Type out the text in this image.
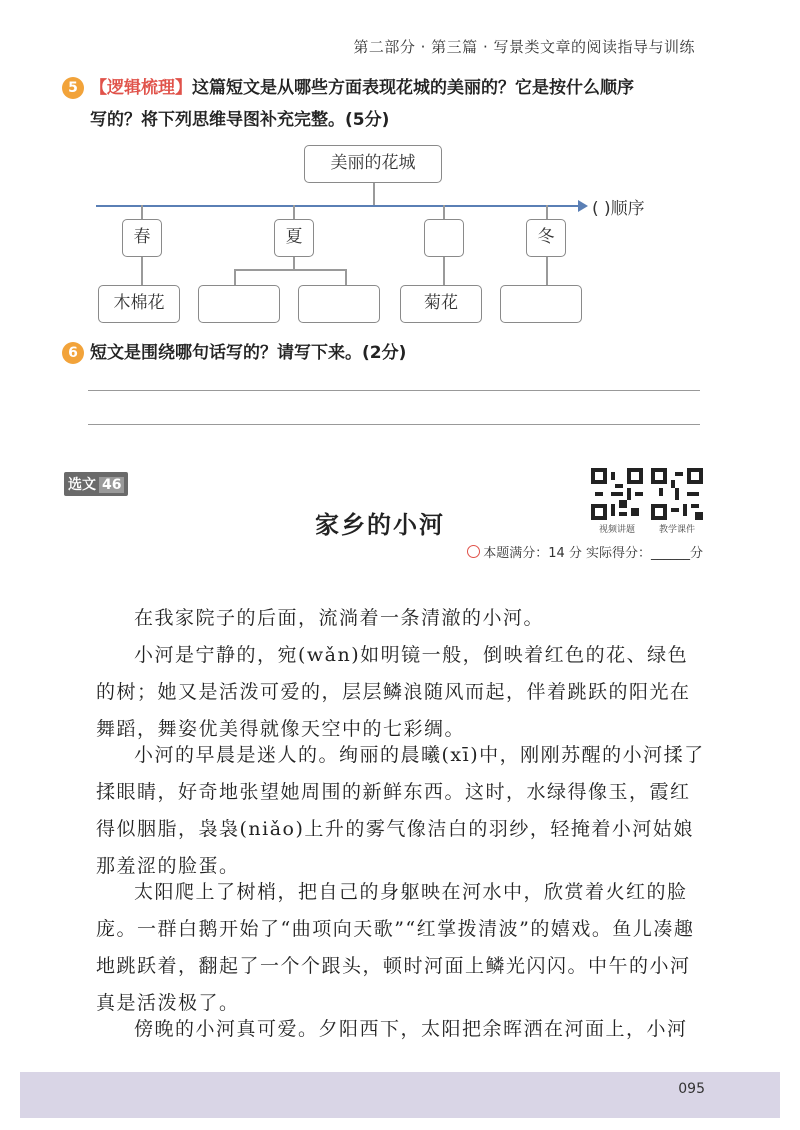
第二部分 · 第三篇 · 写景类文章的阅读指导与训练
5 【逻辑梳理】这篇短文是从哪些方面表现花城的美丽的？它是按什么顺序
写的？将下列思维导图补充完整。(5分)
美丽的花城
( )顺序
春	夏	冬
木棉花	菊花
6 短文是围绕哪句话写的？请写下来。(2分)
选文 46
家乡的小河	视频讲题	教学课件
本题满分：14 分 实际得分：______分

在我家院子的后面，流淌着一条清澈的小河。

小河是宁静的，宛(wǎn)如明镜一般，倒映着红色的花、绿色的树；她又是活泼可爱的，层层鳞浪随风而起，伴着跳跃的阳光在舞蹈，舞姿优美得就像天空中的七彩绸。

小河的早晨是迷人的。绚丽的晨曦(xī)中，刚刚苏醒的小河揉了揉眼睛，好奇地张望她周围的新鲜东西。这时，水绿得像玉，霞红得似胭脂，袅袅(niǎo)上升的雾气像洁白的羽纱，轻掩着小河姑娘那羞涩的脸蛋。

太阳爬上了树梢，把自己的身躯映在河水中，欣赏着火红的脸庞。一群白鹅开始了“曲项向天歌”“红掌拨清波”的嬉戏。鱼儿凑趣地跳跃着，翻起了一个个跟头，顿时河面上鳞光闪闪。中午的小河真是活泼极了。

傍晚的小河真可爱。夕阳西下，太阳把余晖洒在河面上，小河

095
